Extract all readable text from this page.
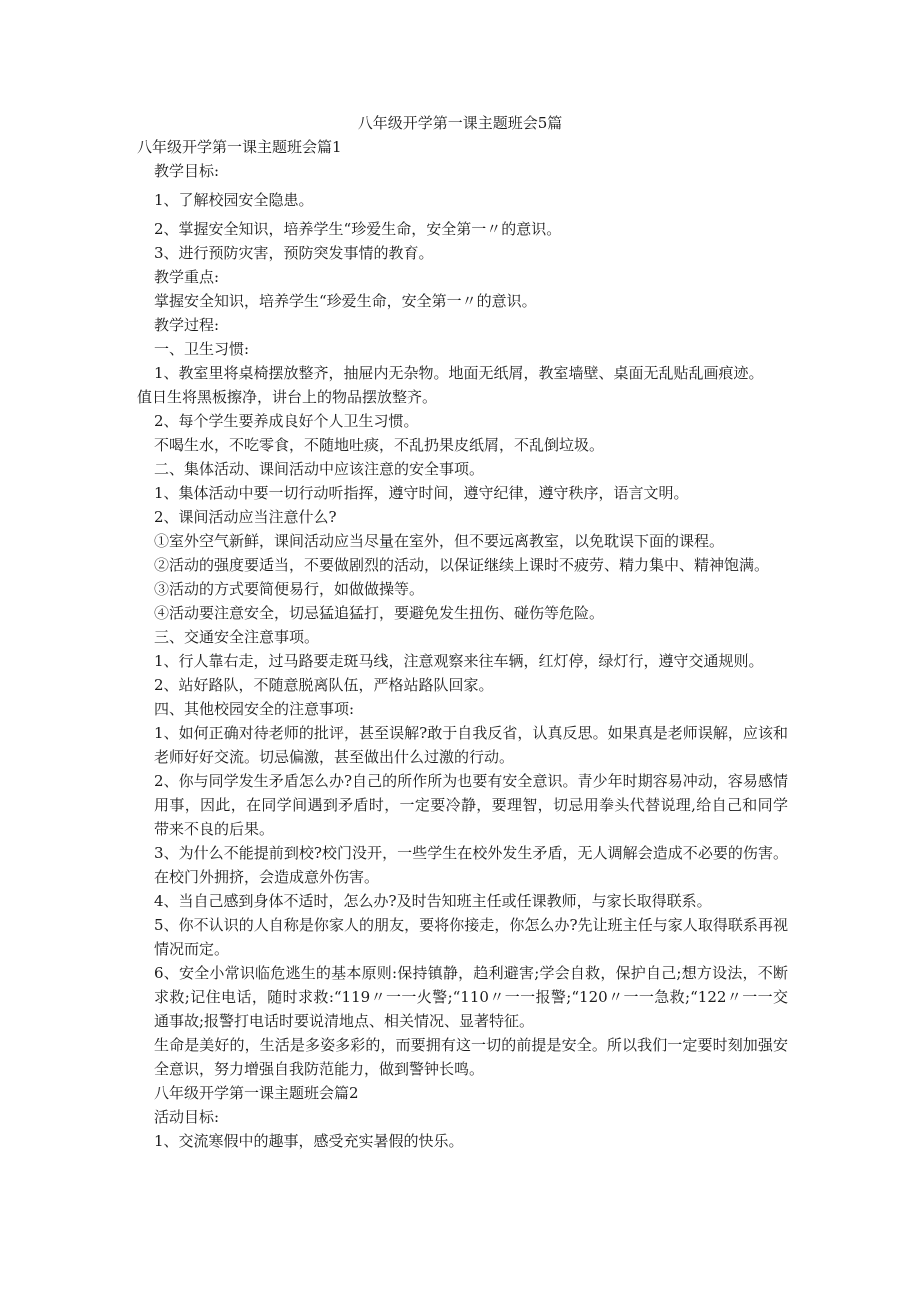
八年级开学第一课主题班会5篇
八年级开学第一课主题班会篇1
教学目标:
1、了解校园安全隐患。
2、掌握安全知识，培养学生“珍爱生命，安全第一〃的意识。
3、进行预防灾害，预防突发事情的教育。
教学重点:
掌握安全知识，培养学生“珍爱生命，安全第一〃的意识。
教学过程:
一、卫生习惯:
1、教室里将桌椅摆放整齐，抽屉内无杂物。地面无纸屑，教室墙壁、桌面无乱贴乱画痕迹。
值日生将黑板擦净，讲台上的物品摆放整齐。
2、每个学生要养成良好个人卫生习惯。
不喝生水，不吃零食，不随地吐痰，不乱扔果皮纸屑，不乱倒垃圾。
二、集体活动、课间活动中应该注意的安全事项。
1、集体活动中要一切行动听指挥，遵守时间，遵守纪律，遵守秩序，语言文明。
2、课间活动应当注意什么?
①室外空气新鲜，课间活动应当尽量在室外，但不要远离教室，以免耽误下面的课程。
②活动的强度要适当，不要做剧烈的活动，以保证继续上课时不疲劳、精力集中、精神饱满。
③活动的方式要简便易行，如做做操等。
④活动要注意安全，切忌猛追猛打，要避免发生扭伤、碰伤等危险。
三、交通安全注意事项。
1、行人靠右走，过马路要走斑马线，注意观察来往车辆，红灯停，绿灯行，遵守交通规则。
2、站好路队，不随意脱离队伍，严格站路队回家。
四、其他校园安全的注意事项:
1、如何正确对待老师的批评，甚至误解?敢于自我反省，认真反思。如果真是老师误解，应该和老师好好交流。切忌偏激，甚至做出什么过激的行动。
2、你与同学发生矛盾怎么办?自己的所作所为也要有安全意识。青少年时期容易冲动，容易感情用事，因此，在同学间遇到矛盾时，一定要冷静，要理智，切忌用拳头代替说理,给自己和同学带来不良的后果。
3、为什么不能提前到校?校门没开，一些学生在校外发生矛盾，无人调解会造成不必要的伤害。在校门外拥挤，会造成意外伤害。
4、当自己感到身体不适时，怎么办?及时告知班主任或任课教师，与家长取得联系。
5、你不认识的人自称是你家人的朋友，要将你接走，你怎么办?先让班主任与家人取得联系再视情况而定。
6、安全小常识临危逃生的基本原则:保持镇静，趋利避害;学会自救，保护自己;想方设法，不断求救;记住电话，随时求救:“119〃一一火警;“110〃一一报警;“120〃一一急救;“122〃一一交通事故;报警打电话时要说清地点、相关情况、显著特征。
生命是美好的，生活是多姿多彩的，而要拥有这一切的前提是安全。所以我们一定要时刻加强安全意识，努力增强自我防范能力，做到警钟长鸣。
八年级开学第一课主题班会篇2
活动目标:
1、交流寒假中的趣事，感受充实暑假的快乐。
